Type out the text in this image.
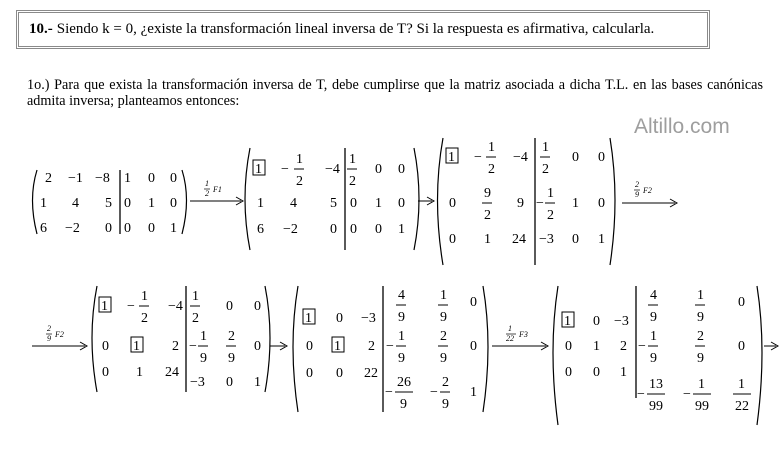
10.- Siendo k = 0, ¿existe la transformación lineal inversa de T? Si la respuesta es afirmativa, calcularla.
1o.) Para que exista la transformación inversa de T, debe cumplirse que la matriz asociada a dicha T.L. en las bases canónicas admita inversa; planteamos entonces:
Altillo.com
2 −1 −8 1 0 0
1 4 5 0 1 0
6 −2 0 0 0 1
1
2 F1
1 −
1
2
−4
1
2
0 0
1 4 5 0 1 0
6 −2 0 0 0 1
1 −
1
2
−4
1
2
0 0
0
9
2
9 −
1
2
1 0
0 1 24 −3 0 1
2
9 F2
2
9 F2
1 −
1
2
−4
1
2
0 0
0 1 2 −
1
9
2
9
0
0 1 24
−3 0 1
1 0 −3
4
9
1
9
0
0 1 2 −
1
9
2
9
0
0 0 22
−
26
9
−
2
9
1
1
22 F3
1 0 −3
4
9
1
9
0
0 1 2 −
1
9
2
9
0
0 0 1
−
13
99
−
1
99
1
22
